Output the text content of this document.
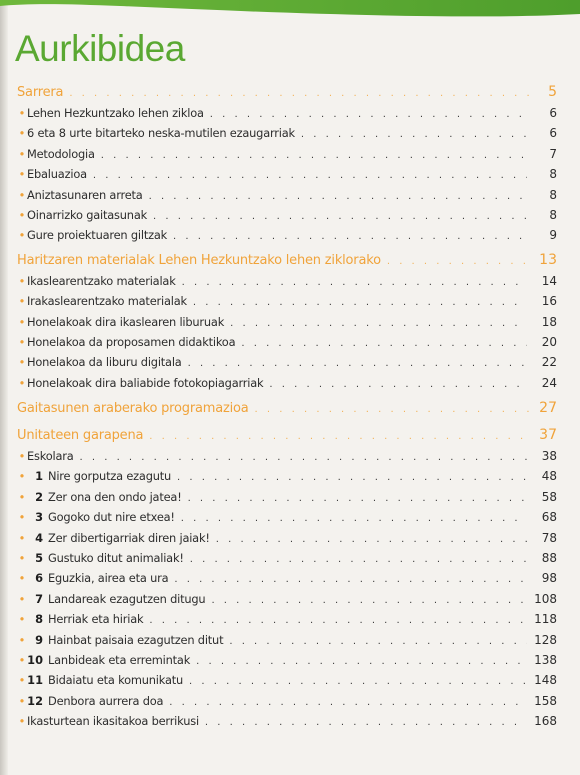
Aurkibidea
Sarrera . . .	5
• Lehen Hezkuntzako lehen zikloa . . .	6
• 6 eta 8 urte bitarteko neska-mutilen ezaugarriak . . .	6
• Metodologia . . .	7
• Ebaluazioa . . .	8
• Aniztasunaren arreta . . .	8
• Oinarrizko gaitasunak . . .	8
• Gure proiektuaren giltzak . . .	9
Haritzaren materialak Lehen Hezkuntzako lehen ziklorako . . .	13
• Ikaslearentzako materialak . . .	14
• Irakaslearentzako materialak . . .	16
• Honelakoak dira ikaslearen liburuak . . .	18
• Honelakoa da proposamen didaktikoa . . .	20
• Honelakoa da liburu digitala . . .	22
• Honelakoak dira baliabide fotokopiagarriak . . .	24
Gaitasunen araberako programazioa . . .	27
Unitateen garapena . . .	37
• Eskolara . . .	38
• 1 Nire gorputza ezagutu . . .	48
• 2 Zer ona den ondo jatea! . . .	58
• 3 Gogoko dut nire etxea! . . .	68
• 4 Zer dibertigarriak diren jaiak! . . .	78
• 5 Gustuko ditut animaliak! . . .	88
• 6 Eguzkia, airea eta ura . . .	98
• 7 Landareak ezagutzen ditugu . . .	108
• 8 Herriak eta hiriak . . .	118
• 9 Hainbat paisaia ezagutzen ditut . . .	128
• 10 Lanbideak eta erremintak . . .	138
• 11 Bidaiatu eta komunikatu . . .	148
• 12 Denbora aurrera doa . . .	158
• Ikasturtean ikasitakoa berrikusi . . .	168
